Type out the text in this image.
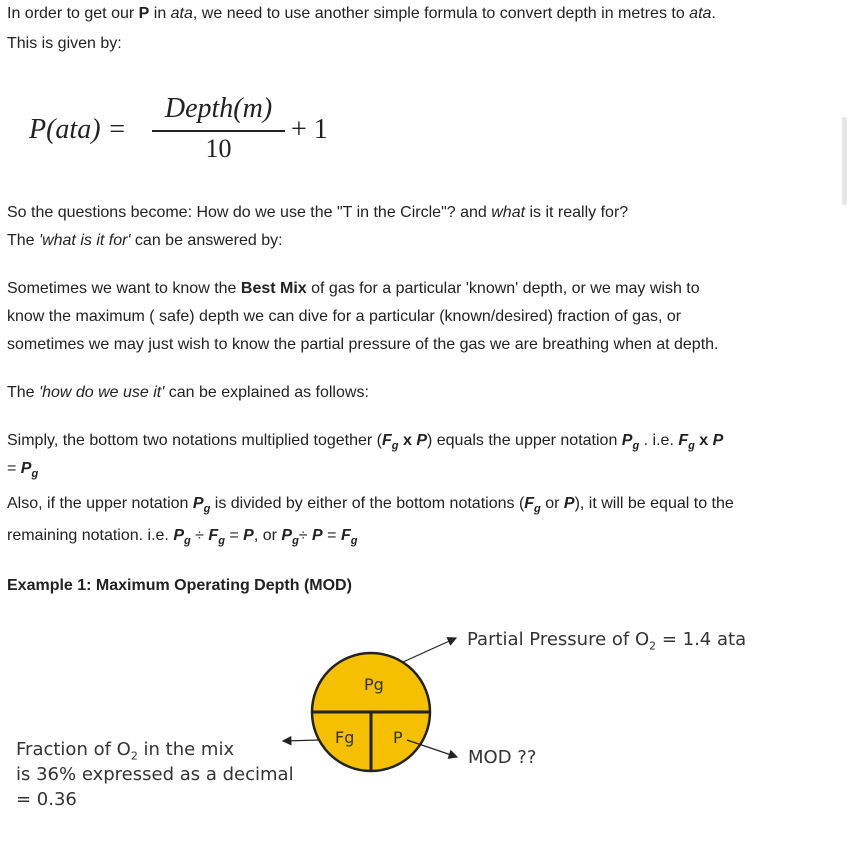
In order to get our P in ata, we need to use another simple formula to convert depth in metres to ata.
This is given by:
P(ata) =
Depth(m)
10
+ 1
So the questions become: How do we use the "T in the Circle"? and what is it really for?
The 'what is it for' can be answered by:
Sometimes we want to know the Best Mix of gas for a particular 'known' depth, or we may wish to
know the maximum ( safe) depth we can dive for a particular (known/desired) fraction of gas, or
sometimes we may just wish to know the partial pressure of the gas we are breathing when at depth.
The 'how do we use it' can be explained as follows:
Simply, the bottom two notations multiplied together ($F_g$ x P) equals the upper notation $P_g$ . i.e. $F_g$ x P
= $P_g$
Also, if the upper notation $P_g$ is divided by either of the bottom notations ($F_g$ or P), it will be equal to the
remaining notation. i.e. $P_g \div F_g = P$, or $P_g\div P = F_g$
Example 1: Maximum Operating Depth (MOD)
Pg
Fg P
Partial Pressure of $O_2 = 1.4$ ata
MOD ??
Fraction of $O_2$ in the mix
is 36% expressed as a decimal
= 0.36
